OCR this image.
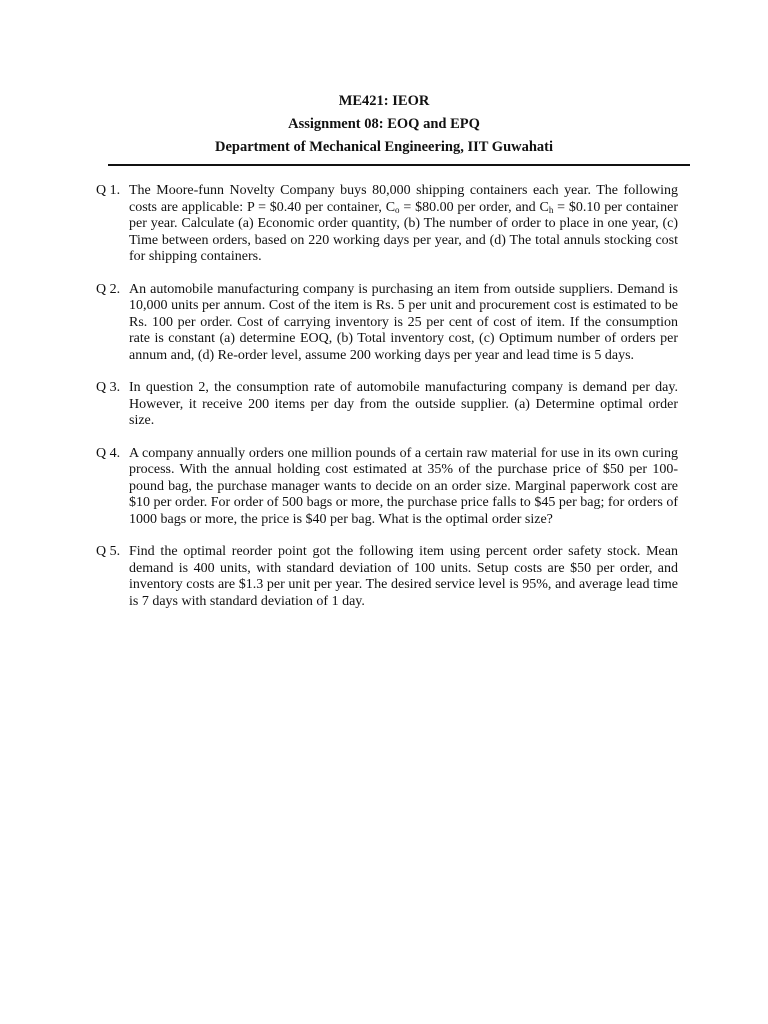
ME421: IEOR

Assignment 08: EOQ and EPQ

Department of Mechanical Engineering, IIT Guwahati

Q 1. The Moore-funn Novelty Company buys 80,000 shipping containers each year. The following costs are applicable: P = $0.40 per container, $C_o$ = $80.00 per order, and $C_h$ = $0.10 per container per year. Calculate (a) Economic order quantity, (b) The number of order to place in one year, (c) Time between orders, based on 220 working days per year, and (d) The total annuls stocking cost for shipping containers.
Q 2. An automobile manufacturing company is purchasing an item from outside suppliers. Demand is 10,000 units per annum. Cost of the item is Rs. 5 per unit and procurement cost is estimated to be Rs. 100 per order. Cost of carrying inventory is 25 per cent of cost of item. If the consumption rate is constant (a) determine EOQ, (b) Total inventory cost, (c) Optimum number of orders per annum and, (d) Re-order level, assume 200 working days per year and lead time is 5 days.
Q 3. In question 2, the consumption rate of automobile manufacturing company is demand per day. However, it receive 200 items per day from the outside supplier. (a) Determine optimal order size.
Q 4. A company annually orders one million pounds of a certain raw material for use in its own curing process. With the annual holding cost estimated at 35% of the purchase price of $50 per 100-pound bag, the purchase manager wants to decide on an order size. Marginal paperwork cost are $10 per order. For order of 500 bags or more, the purchase price falls to $45 per bag; for orders of 1000 bags or more, the price is $40 per bag. What is the optimal order size?
Q 5. Find the optimal reorder point got the following item using percent order safety stock. Mean demand is 400 units, with standard deviation of 100 units. Setup costs are $50 per order, and inventory costs are $1.3 per unit per year. The desired service level is 95%, and average lead time is 7 days with standard deviation of 1 day.
